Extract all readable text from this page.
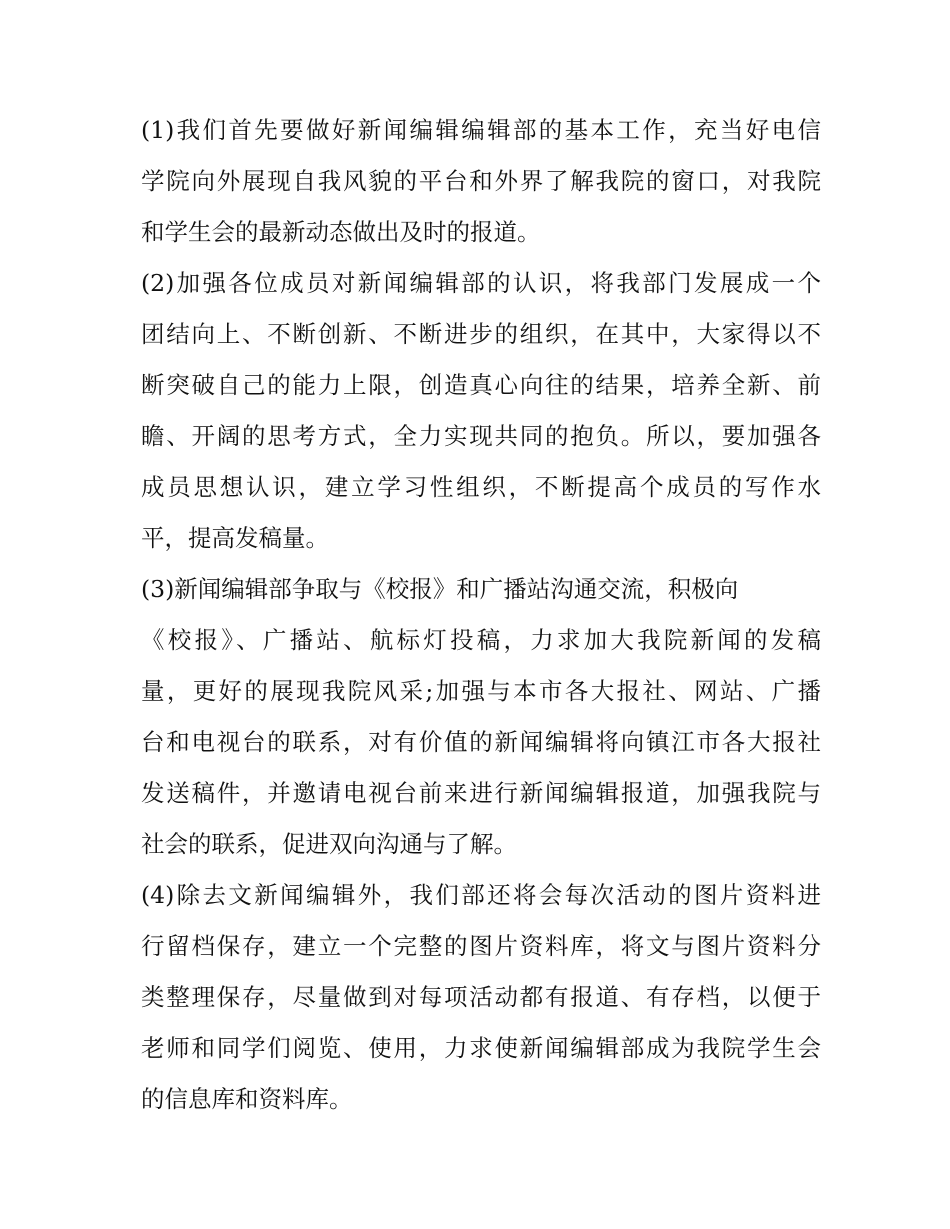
(1)我们首先要做好新闻编辑编辑部的基本工作，充当好电信

学院向外展现自我风貌的平台和外界了解我院的窗口，对我院

和学生会的最新动态做出及时的报道。

(2)加强各位成员对新闻编辑部的认识，将我部门发展成一个

团结向上、不断创新、不断进步的组织，在其中，大家得以不

断突破自己的能力上限，创造真心向往的结果，培养全新、前

瞻、开阔的思考方式，全力实现共同的抱负。所以，要加强各

成员思想认识，建立学习性组织，不断提高个成员的写作水

平，提高发稿量。

(3)新闻编辑部争取与《校报》和广播站沟通交流，积极向

《校报》、广播站、航标灯投稿，力求加大我院新闻的发稿

量，更好的展现我院风采;加强与本市各大报社、网站、广播

台和电视台的联系，对有价值的新闻编辑将向镇江市各大报社

发送稿件，并邀请电视台前来进行新闻编辑报道，加强我院与

社会的联系，促进双向沟通与了解。

(4)除去文新闻编辑外，我们部还将会每次活动的图片资料进

行留档保存，建立一个完整的图片资料库，将文与图片资料分

类整理保存，尽量做到对每项活动都有报道、有存档，以便于

老师和同学们阅览、使用，力求使新闻编辑部成为我院学生会

的信息库和资料库。
